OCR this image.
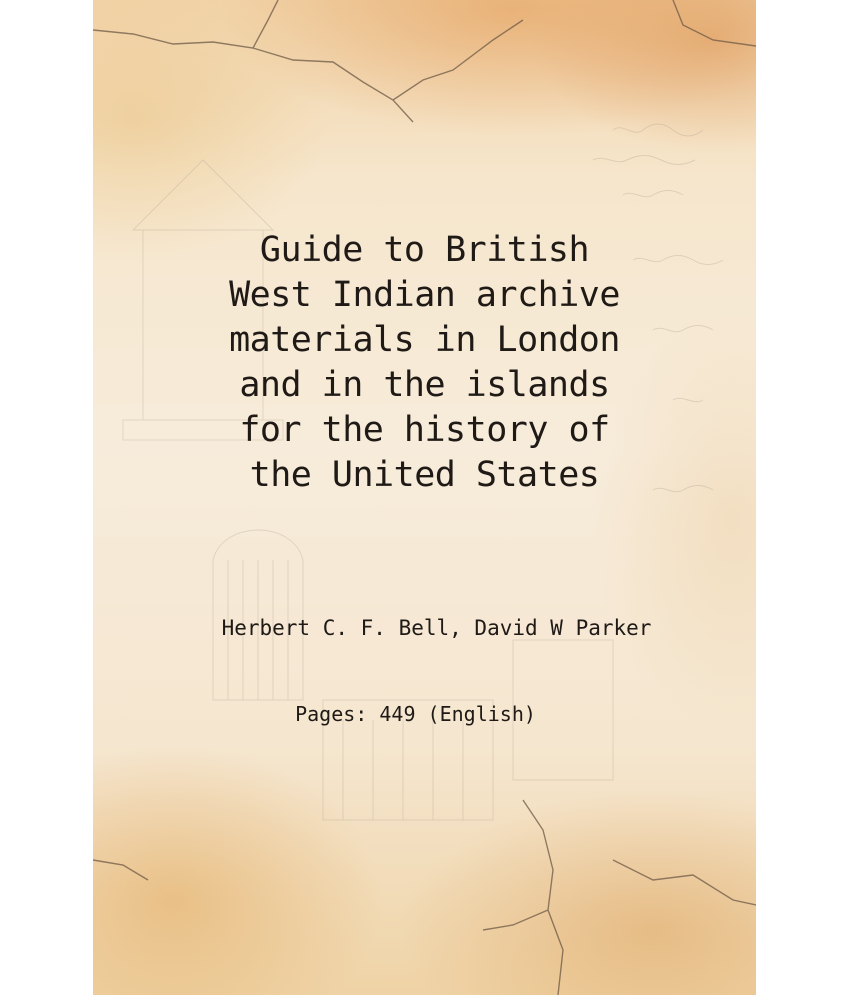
Guide to British
West Indian archive
materials in London
and in the islands
for the history of
the United States
Herbert C. F. Bell, David W Parker
Pages: 449 (English)
